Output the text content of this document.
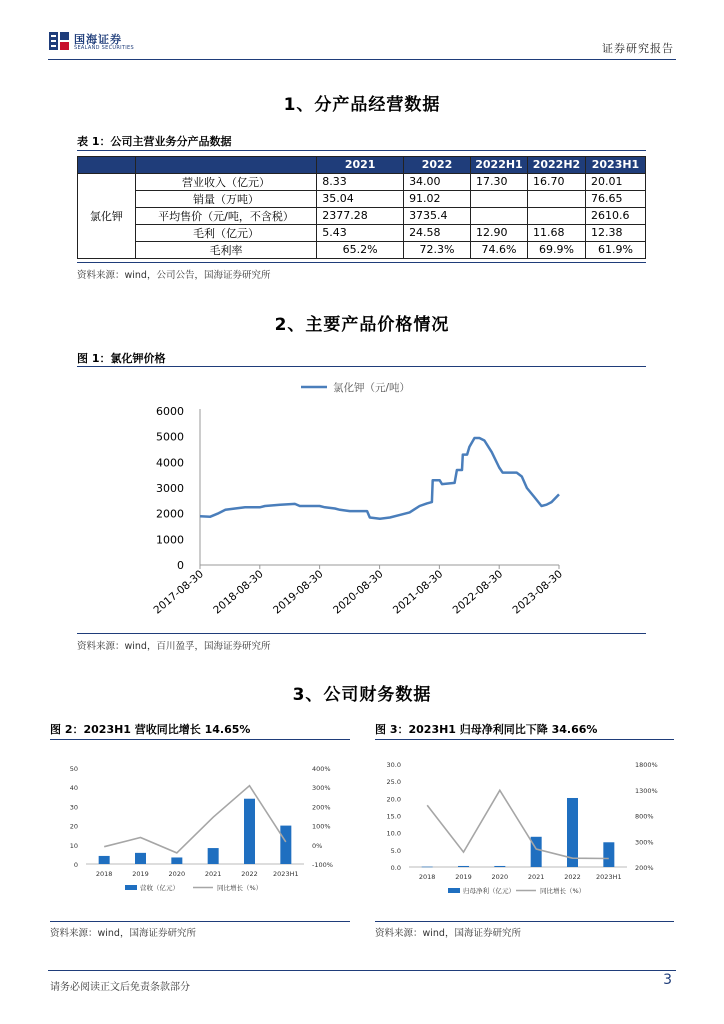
国海证券
SEALAND SECURITIES	证券研究报告
1、分产品经营数据
表 1：公司主营业务分产品数据
		2021	2022	2022H1	2022H2	2023H1
氯化钾	营业收入（亿元）	8.33	34.00	17.30	16.70	20.01
	销量（万吨）	35.04	91.02			76.65
	平均售价（元/吨，不含税）	2377.28	3735.4			2610.6
	毛利（亿元）	5.43	24.58	12.90	11.68	12.38
	毛利率	65.2%	72.3%	74.6%	69.9%	61.9%
资料来源：wind，公司公告，国海证券研究所
2、主要产品价格情况
图 1：氯化钾价格
0
1000
2000
3000
4000
5000
6000
2017-08-30 2018-08-30 2019-08-30 2020-08-30 2021-08-30 2022-08-30 2023-08-30
氯化钾（元/吨）
资料来源：wind，百川盈孚，国海证券研究所
3、公司财务数据
图 2：2023H1 营收同比增长 14.65%
0
10
20
30
40
50
-100%
0%
100%
200%
300%
400%
2018	2019	2020	2021	2022 2023H1
营收（亿元）	同比增长（%）
资料来源：wind，国海证券研究所
图 3：2023H1 归母净利同比下降 34.66%
0.0
5.0
10.0
15.0
20.0
25.0
30.0
200%
300%
800%
1300%
1800%
2018	2019	2020	2021	2022 2023H1
归母净利（亿元）	同比增长（%）
资料来源：wind，国海证券研究所
请务必阅读正文后免责条款部分	3
